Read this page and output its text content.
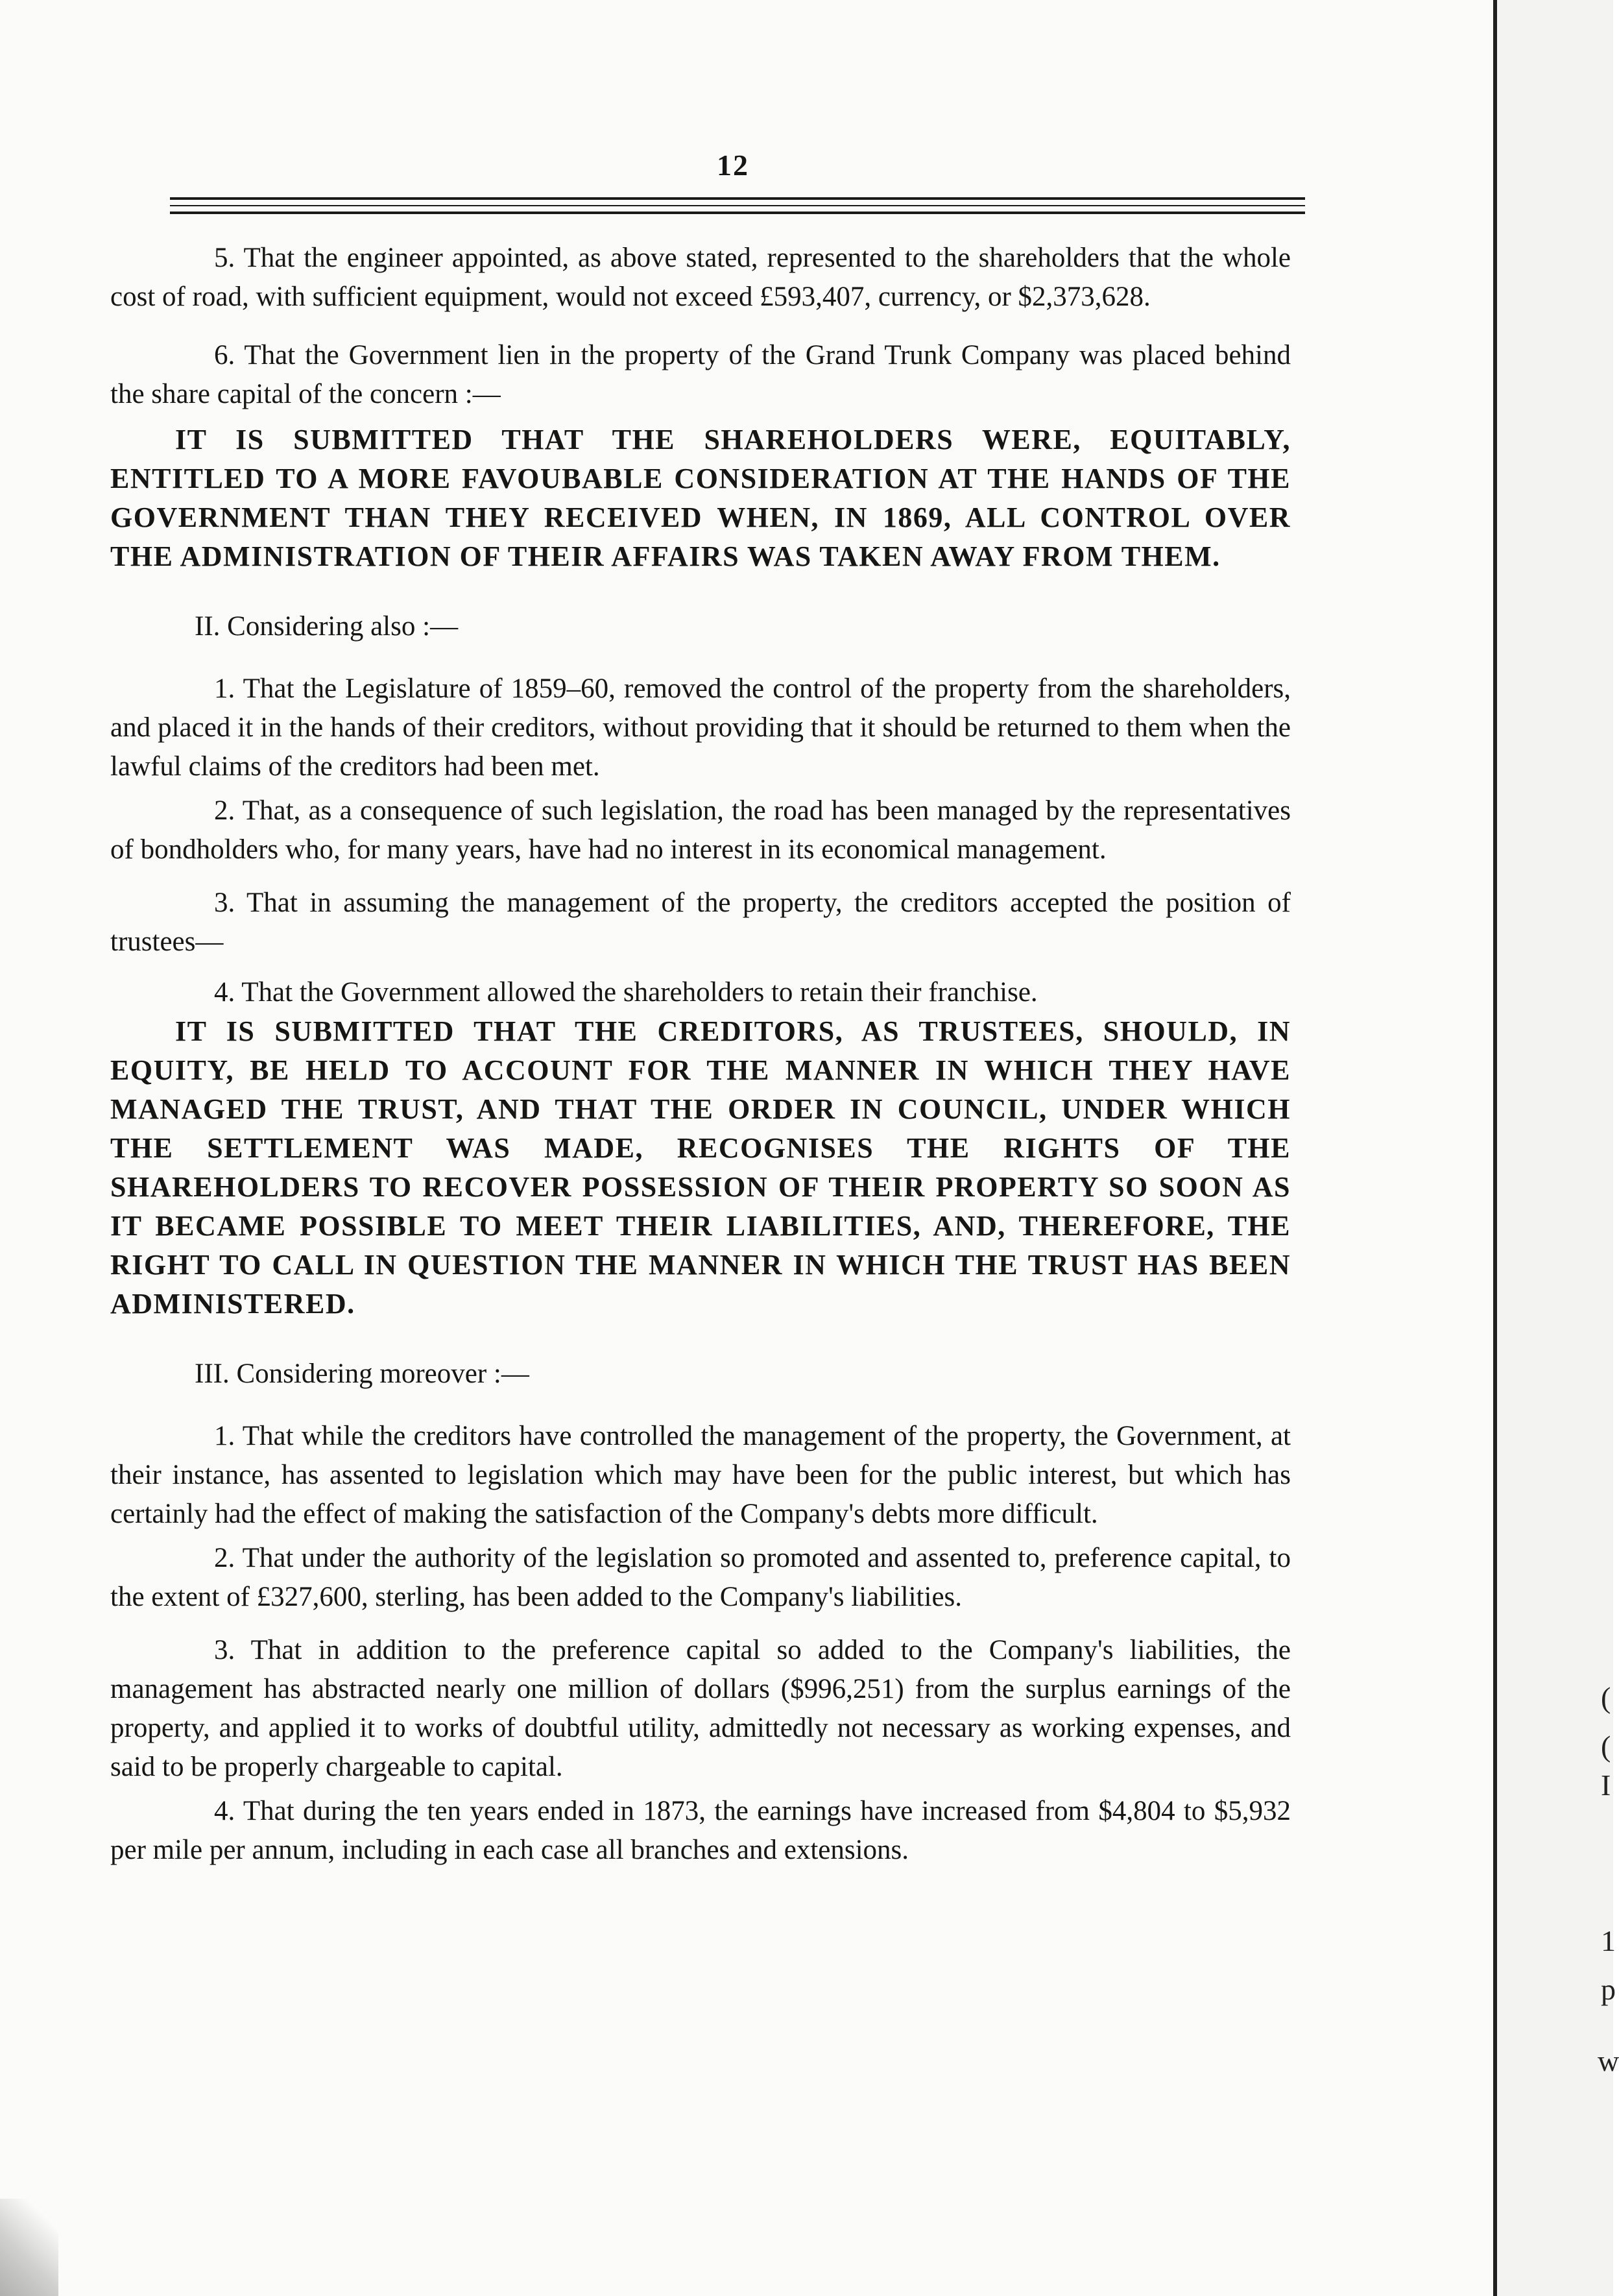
(
(
I
1
p
w
12

5. That the engineer appointed, as above stated, represented to the shareholders that the whole cost of road, with sufficient equipment, would not exceed £593,407, currency, or $2,373,628.

6. That the Government lien in the property of the Grand Trunk Company was placed behind the share capital of the concern :—

IT IS SUBMITTED THAT THE SHAREHOLDERS WERE, EQUITABLY, ENTITLED TO A MORE FAVOUBABLE CONSIDERATION AT THE HANDS OF THE GOVERNMENT THAN THEY RECEIVED WHEN, IN 1869, ALL CONTROL OVER THE ADMINISTRATION OF THEIR AFFAIRS WAS TAKEN AWAY FROM THEM.

II. Considering also :—

1. That the Legislature of 1859–60, removed the control of the property from the shareholders, and placed it in the hands of their creditors, without providing that it should be returned to them when the lawful claims of the creditors had been met.

2. That, as a consequence of such legislation, the road has been managed by the representatives of bondholders who, for many years, have had no interest in its economical management.

3. That in assuming the management of the property, the creditors accepted the position of trustees—

4. That the Government allowed the shareholders to retain their franchise.

IT IS SUBMITTED THAT THE CREDITORS, AS TRUSTEES, SHOULD, IN EQUITY, BE HELD TO ACCOUNT FOR THE MANNER IN WHICH THEY HAVE MANAGED THE TRUST, AND THAT THE ORDER IN COUNCIL, UNDER WHICH THE SETTLEMENT WAS MADE, RECOGNISES THE RIGHTS OF THE SHAREHOLDERS TO RECOVER POSSESSION OF THEIR PROPERTY SO SOON AS IT BECAME POSSIBLE TO MEET THEIR LIABILITIES, AND, THEREFORE, THE RIGHT TO CALL IN QUESTION THE MANNER IN WHICH THE TRUST HAS BEEN ADMINISTERED.

III. Considering moreover :—

1. That while the creditors have controlled the management of the property, the Government, at their instance, has assented to legislation which may have been for the public interest, but which has certainly had the effect of making the satisfaction of the Company's debts more difficult.

2. That under the authority of the legislation so promoted and assented to, preference capital, to the extent of £327,600, sterling, has been added to the Company's liabilities.

3. That in addition to the preference capital so added to the Company's liabilities, the management has abstracted nearly one million of dollars ($996,251) from the surplus earnings of the property, and applied it to works of doubtful utility, admittedly not necessary as working expenses, and said to be properly chargeable to capital.

4. That during the ten years ended in 1873, the earnings have increased from $4,804 to $5,932 per mile per annum, including in each case all branches and extensions.
